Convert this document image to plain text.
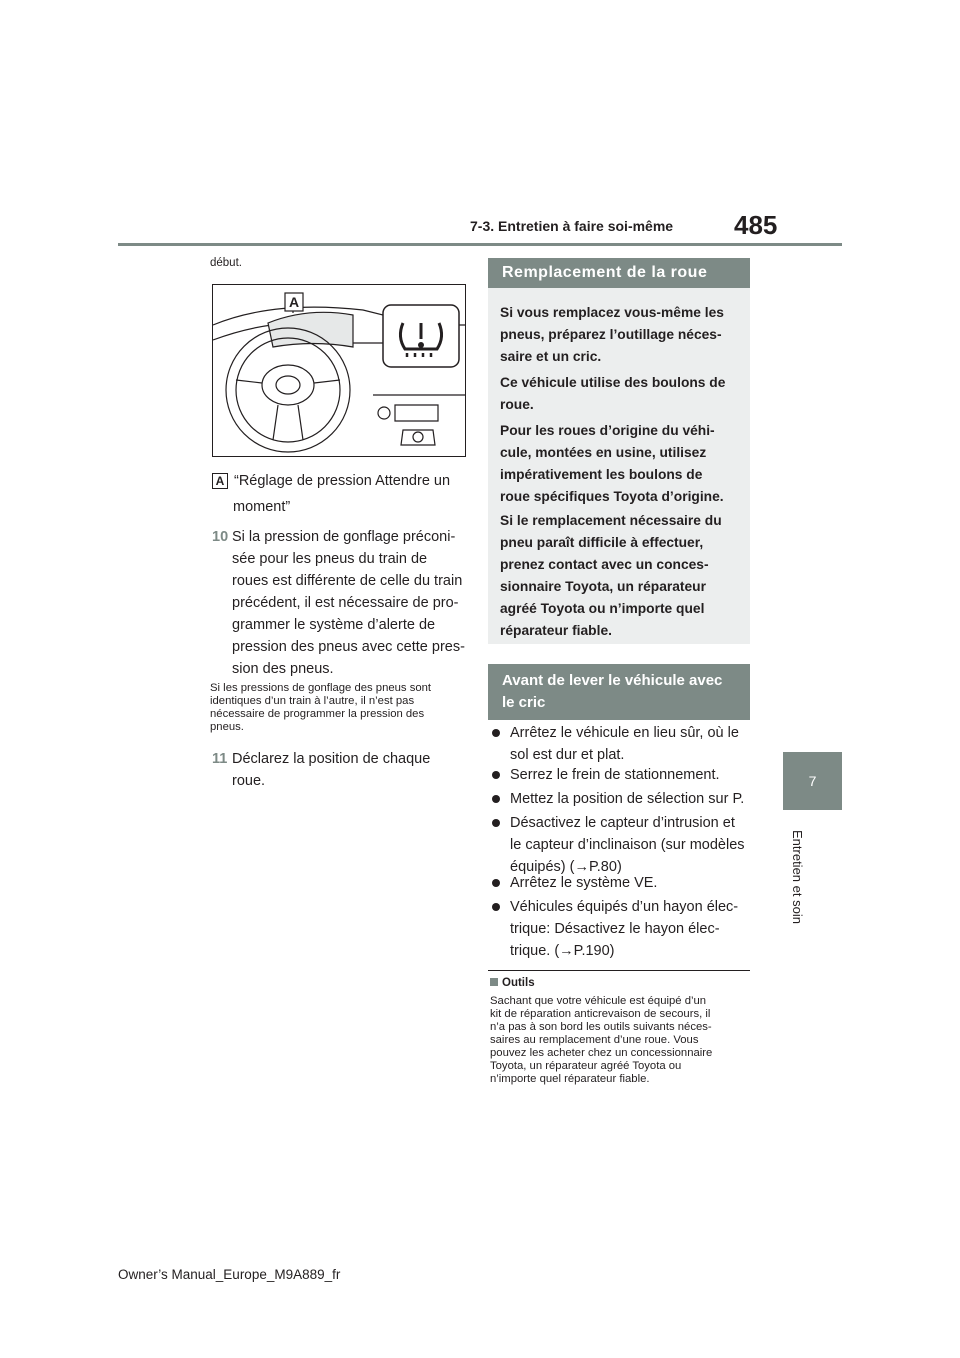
7-3. Entretien à faire soi-même 485
7
Entretien et soin
début.
A
A “Réglage de pression Attendre un
moment”
10 Si la pression de gonflage préconi-
sée pour les pneus du train de
roues est différente de celle du train
précédent, il est nécessaire de pro-
grammer le système d’alerte de
pression des pneus avec cette pres-
sion des pneus.
Si les pressions de gonflage des pneus sont
identiques d’un train à l’autre, il n’est pas
nécessaire de programmer la pression des
pneus.
11 Déclarez la position de chaque
roue.
Remplacement de la roue
Si vous remplacez vous-même les
pneus, préparez l’outillage néces-
saire et un cric.
Ce véhicule utilise des boulons de
roue.
Pour les roues d’origine du véhi-
cule, montées en usine, utilisez
impérativement les boulons de
roue spécifiques Toyota d’origine.
Si le remplacement nécessaire du
pneu paraît difficile à effectuer,
prenez contact avec un conces-
sionnaire Toyota, un réparateur
agréé Toyota ou n’importe quel
réparateur fiable.
Avant de lever le véhicule avec
le cric
Arrêtez le véhicule en lieu sûr, où le
sol est dur et plat.
Serrez le frein de stationnement.
Mettez la position de sélection sur P.
Désactivez le capteur d’intrusion et
le capteur d’inclinaison (sur modèles
équipés) (→P.80)
Arrêtez le système VE.
Véhicules équipés d’un hayon élec-
trique: Désactivez le hayon élec-
trique. (→P.190)
Outils
Sachant que votre véhicule est équipé d’un
kit de réparation anticrevaison de secours, il
n’a pas à son bord les outils suivants néces-
saires au remplacement d’une roue. Vous
pouvez les acheter chez un concessionnaire
Toyota, un réparateur agréé Toyota ou
n’importe quel réparateur fiable.
Owner’s Manual_Europe_M9A889_fr
